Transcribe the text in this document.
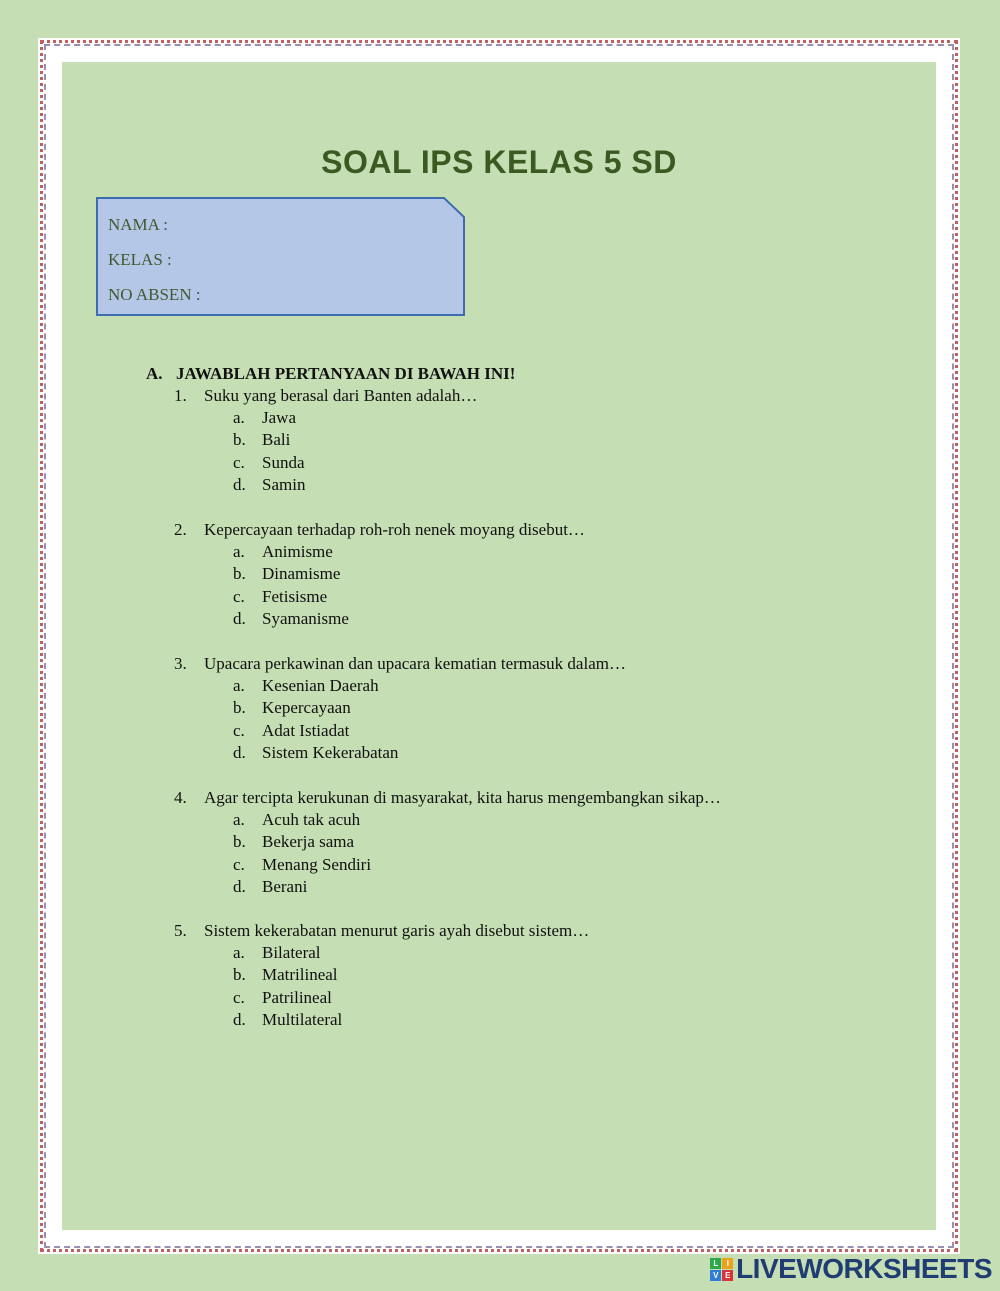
SOAL IPS KELAS 5 SD
NAMA :
KELAS :
NO ABSEN :
A. JAWABLAH PERTANYAAN DI BAWAH INI!
1. Suku yang berasal dari Banten adalah…
a. Jawa
b. Bali
c. Sunda
d. Samin
2. Kepercayaan terhadap roh-roh nenek moyang disebut…
a. Animisme
b. Dinamisme
c. Fetisisme
d. Syamanisme
3. Upacara perkawinan dan upacara kematian termasuk dalam…
a. Kesenian Daerah
b. Kepercayaan
c. Adat Istiadat
d. Sistem Kekerabatan
4. Agar tercipta kerukunan di masyarakat, kita harus mengembangkan sikap…
a. Acuh tak acuh
b. Bekerja sama
c. Menang Sendiri
d. Berani
5. Sistem kekerabatan menurut garis ayah disebut sistem…
a. Bilateral
b. Matrilineal
c. Patrilineal
d. Multilateral
L	I
V E LIVEWORKSHEETS
